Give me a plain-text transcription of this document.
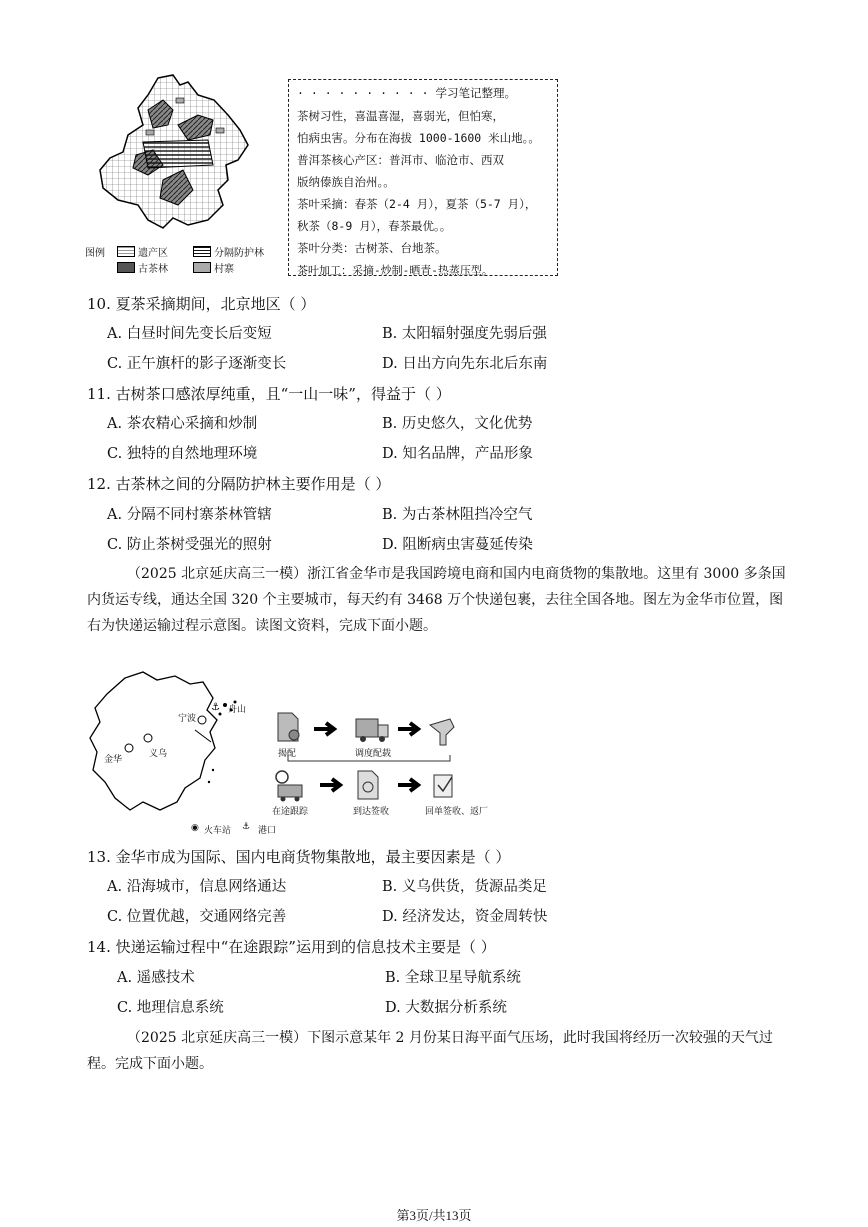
图例	遗产区	分隔防护林
古茶林	村寨
· · · · · · · · · · 学习笔记整理。
茶树习性，喜温喜湿，喜弱光，但怕寒，
怕病虫害。分布在海拔 1000-1600 米山地。。
普洱茶核心产区：普洱市、临沧市、西双
版纳傣族自治州。。
茶叶采摘：春茶（2-4 月），夏茶（5-7 月），
秋茶（8-9 月），春茶最优。。
茶叶分类：古树茶、台地茶。
茶叶加工：采摘-炒制-晒青-热蒸压型。
10. 夏茶采摘期间，北京地区（ ）
A. 白昼时间先变长后变短	B. 太阳辐射强度先弱后强
C. 正午旗杆的影子逐渐变长	D. 日出方向先东北后东南
11. 古树茶口感浓厚纯重，且“一山一味”，得益于（ ）
A. 茶农精心采摘和炒制	B. 历史悠久，文化优势
C. 独特的自然地理环境	D. 知名品牌，产品形象
12. 古茶林之间的分隔防护林主要作用是（ ）
A. 分隔不同村寨茶林管辖	B. 为古茶林阻挡冷空气
C. 防止茶树受强光的照射	D. 阻断病虫害蔓延传染
（2025 北京延庆高三一模）浙江省金华市是我国跨境电商和国内电商货物的集散地。这里有 3000 多条国内货运专线，通达全国 320 个主要城市，每天约有 3468 万个快递包裹，去往全国各地。图左为金华市位置，图右为快递运输过程示意图。读图文资料，完成下面小题。
⚓ 舟山
宁波
金华
义乌
◉ 火车站 ⚓ 港口
揭配	调度配载
在途跟踪	到达签收	回单签收、返厂
13. 金华市成为国际、国内电商货物集散地，最主要因素是（ ）
A. 沿海城市，信息网络通达	B. 义乌供货，货源品类足
C. 位置优越，交通网络完善	D. 经济发达，资金周转快
14. 快递运输过程中“在途跟踪”运用到的信息技术主要是（ ）
A. 遥感技术	B. 全球卫星导航系统
C. 地理信息系统	D. 大数据分析系统
（2025 北京延庆高三一模）下图示意某年 2 月份某日海平面气压场，此时我国将经历一次较强的天气过程。完成下面小题。
第3页/共13页
